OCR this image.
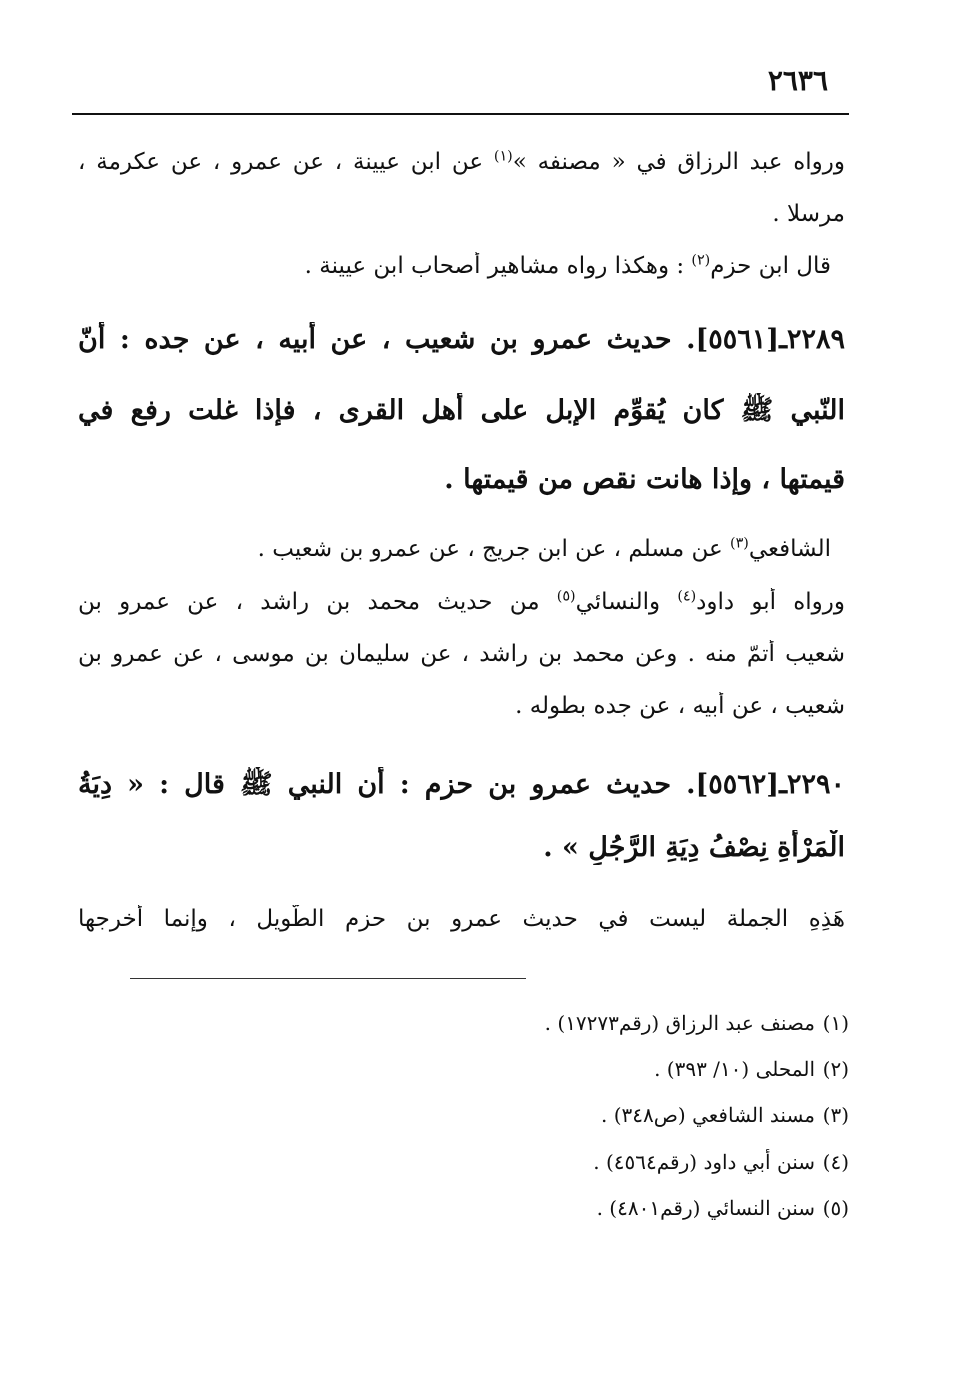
٢٦٣٦
ورواه عبد الرزاق في « مصنفه »$^{(١)}$ عن ابن عيينة ، عن عمرو ، عن عكرمة ،
مرسلا .
قال ابن حزم$^{(٢)}$ : وهكذا رواه مشاهير أصحاب ابن عيينة .
٢٢٨٩ـ[٥٥٦١]. حديث عمرو بن شعيب ، عن أبيه ، عن جده : أنّ
النّبي ﷺ كان يُقوِّم الإبل على أهل القرى ، فإذا غلت رفع في
قيمتها ، وإذا هانت نقص من قيمتها .
الشافعي$^{(٣)}$ عن مسلم ، عن ابن جريج ، عن عمرو بن شعيب .
ورواه أبو داود$^{(٤)}$ والنسائي$^{(٥)}$ من حديث محمد بن راشد ، عن عمرو بن
شعيب أتمّ منه . وعن محمد بن راشد ، عن سليمان بن موسى ، عن عمرو بن
شعيب ، عن أبيه ، عن جده بطوله .
٢٢٩٠ـ[٥٥٦٢]. حديث عمرو بن حزم : أن النبي ﷺ قال : « دِيَةُ
الْمَرْأَةِ نِصْفُ دِيَةِ الرَّجُلِ » .
هَذِهِ الجملة ليست في حديث عمرو بن حزم الطّويل ، وإنما أخرجها
(١)مصنف عبد الرزاق (رقم١٧٢٧٣) .
(٢)المحلى (١٠/ ٣٩٣) .
(٣)مسند الشافعي (ص٣٤٨) .
(٤)سنن أبي داود (رقم٤٥٦٤) .
(٥)سنن النسائي (رقم٤٨٠١) .
